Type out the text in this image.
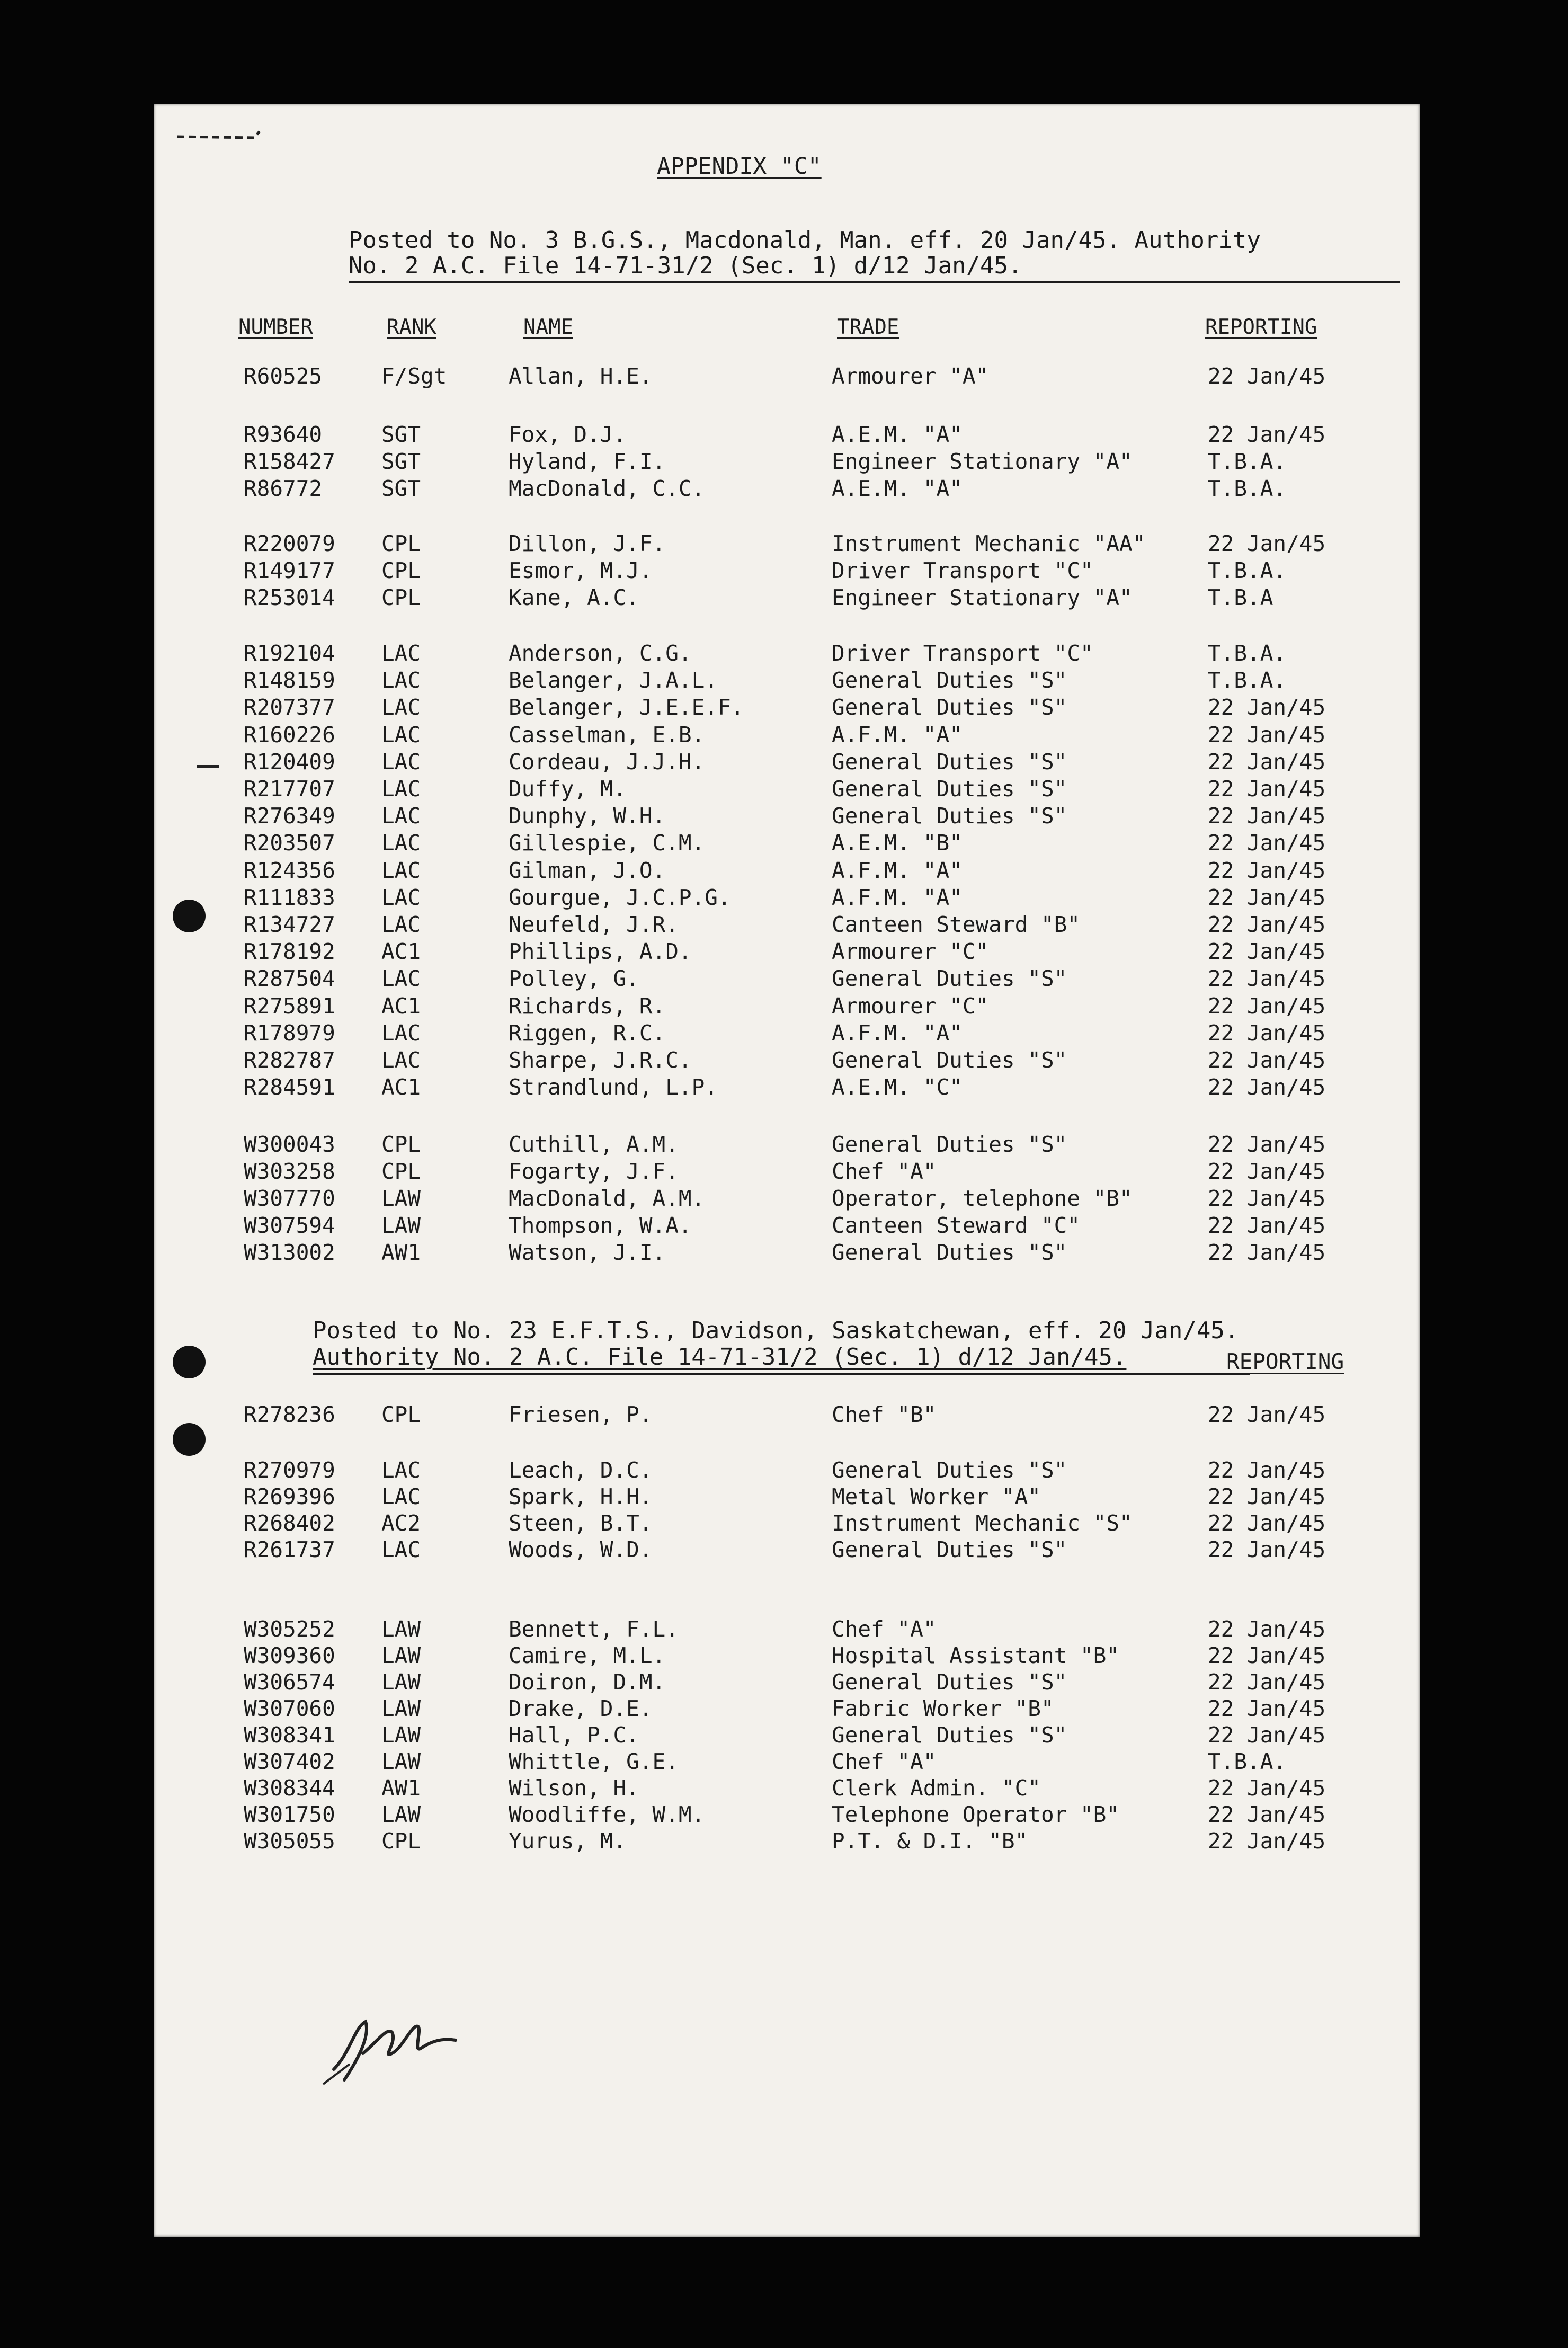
APPENDIX "C"
Posted to No. 3 B.G.S., Macdonald, Man. eff. 20 Jan/45. Authority
No. 2 A.C. File 14-71-31/2 (Sec. 1) d/12 Jan/45.
NUMBER	RANK	NAME	TRADE	REPORTING
R60525	F/Sgt	Allan, H.E.	Armourer "A"	22 Jan/45
R93640	SGT	Fox, D.J.	A.E.M. "A"	22 Jan/45
R158427 SGT	Hyland, F.I.	Engineer Stationary "A"	T.B.A.
R86772	SGT	MacDonald, C.C.	A.E.M. "A"	T.B.A.
R220079 CPL	Dillon, J.F.	Instrument Mechanic "AA"	22 Jan/45
R149177 CPL	Esmor, M.J.	Driver Transport "C"	T.B.A.
R253014 CPL	Kane, A.C.	Engineer Stationary "A"	T.B.A
R192104 LAC	Anderson, C.G.	Driver Transport "C"	T.B.A.
R148159 LAC	Belanger, J.A.L.	General Duties "S"	T.B.A.
R207377 LAC	Belanger, J.E.E.F.	General Duties "S"	22 Jan/45
R160226 LAC	Casselman, E.B.	A.F.M. "A"	22 Jan/45
R120409 LAC	Cordeau, J.J.H.	General Duties "S"	22 Jan/45
R217707 LAC	Duffy, M.	General Duties "S"	22 Jan/45
R276349 LAC	Dunphy, W.H.	General Duties "S"	22 Jan/45
R203507 LAC	Gillespie, C.M.	A.E.M. "B"	22 Jan/45
R124356 LAC	Gilman, J.O.	A.F.M. "A"	22 Jan/45
R111833 LAC	Gourgue, J.C.P.G.	A.F.M. "A"	22 Jan/45
R134727 LAC	Neufeld, J.R.	Canteen Steward "B"	22 Jan/45
R178192 AC1	Phillips, A.D.	Armourer "C"	22 Jan/45
R287504 LAC	Polley, G.	General Duties "S"	22 Jan/45
R275891 AC1	Richards, R.	Armourer "C"	22 Jan/45
R178979 LAC	Riggen, R.C.	A.F.M. "A"	22 Jan/45
R282787 LAC	Sharpe, J.R.C.	General Duties "S"	22 Jan/45
R284591 AC1	Strandlund, L.P.	A.E.M. "C"	22 Jan/45
W300043 CPL	Cuthill, A.M.	General Duties "S"	22 Jan/45
W303258 CPL	Fogarty, J.F.	Chef "A"	22 Jan/45
W307770 LAW	MacDonald, A.M.	Operator, telephone "B"	22 Jan/45
W307594 LAW	Thompson, W.A.	Canteen Steward "C"	22 Jan/45
W313002 AW1	Watson, J.I.	General Duties "S"	22 Jan/45
Posted to No. 23 E.F.T.S., Davidson, Saskatchewan, eff. 20 Jan/45.
Authority No. 2 A.C. File 14-71-31/2 (Sec. 1) d/12 Jan/45.	REPORTING
R278236 CPL	Friesen, P.	Chef "B"	22 Jan/45
R270979 LAC	Leach, D.C.	General Duties "S"	22 Jan/45
R269396 LAC	Spark, H.H.	Metal Worker "A"	22 Jan/45
R268402 AC2	Steen, B.T.	Instrument Mechanic "S"	22 Jan/45
R261737 LAC	Woods, W.D.	General Duties "S"	22 Jan/45
W305252 LAW	Bennett, F.L.	Chef "A"	22 Jan/45
W309360 LAW	Camire, M.L.	Hospital Assistant "B"	22 Jan/45
W306574 LAW	Doiron, D.M.	General Duties "S"	22 Jan/45
W307060 LAW	Drake, D.E.	Fabric Worker "B"	22 Jan/45
W308341 LAW	Hall, P.C.	General Duties "S"	22 Jan/45
W307402 LAW	Whittle, G.E.	Chef "A"	T.B.A.
W308344 AW1	Wilson, H.	Clerk Admin. "C"	22 Jan/45
W301750 LAW	Woodliffe, W.M.	Telephone Operator "B"	22 Jan/45
W305055 CPL	Yurus, M.	P.T. & D.I. "B"	22 Jan/45
